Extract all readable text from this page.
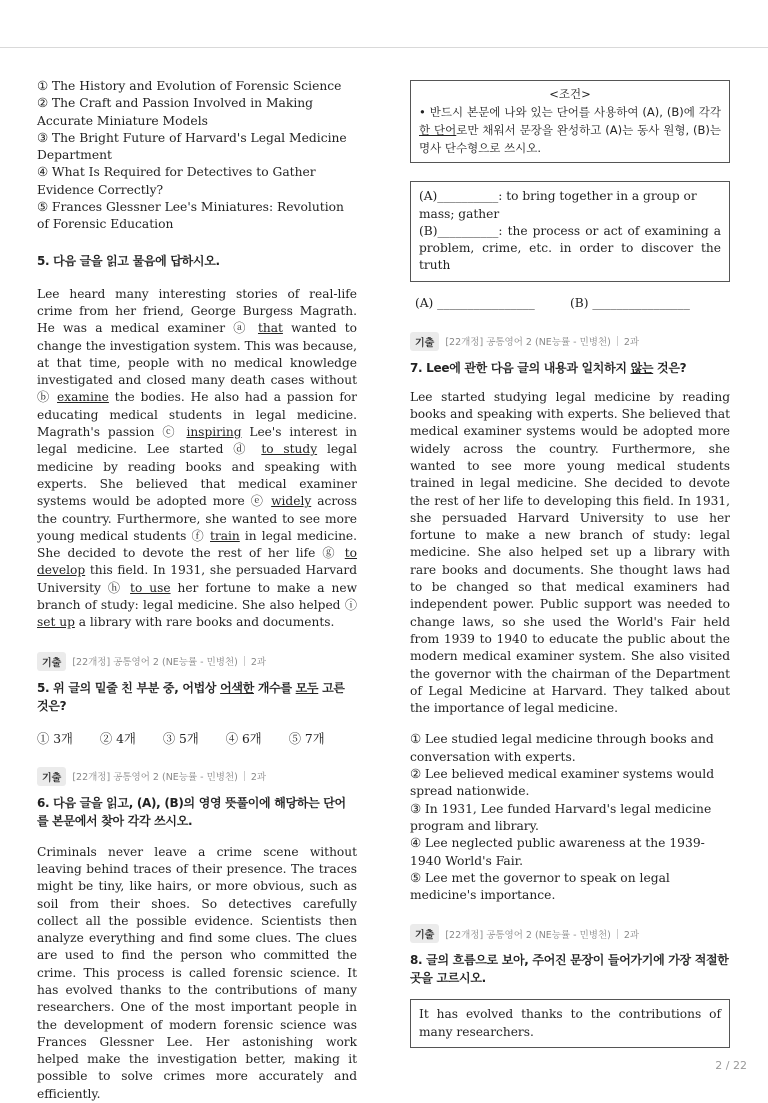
① The History and Evolution of Forensic Science
② The Craft and Passion Involved in Making Accurate Miniature Models
③ The Bright Future of Harvard's Legal Medicine Department
④ What Is Required for Detectives to Gather Evidence Correctly?
⑤ Frances Glessner Lee's Miniatures: Revolution of Forensic Education
5. 다음 글을 읽고 물음에 답하시오.
Lee heard many interesting stories of real-life crime from her friend, George Burgess Magrath. He was a medical examiner ⓐ that wanted to change the investigation system. This was because, at that time, people with no medical knowledge investigated and closed many death cases without ⓑ examine the bodies. He also had a passion for educating medical students in legal medicine. Magrath's passion ⓒ inspiring Lee's interest in legal medicine. Lee started ⓓ to study legal medicine by reading books and speaking with experts. She believed that medical examiner systems would be adopted more ⓔ widely across the country. Furthermore, she wanted to see more young medical students ⓕ train in legal medicine. She decided to devote the rest of her life ⓖ to develop this field. In 1931, she persuaded Harvard University ⓗ to use her fortune to make a new branch of study: legal medicine. She also helped ⓘ set up a library with rare books and documents.
기출	[22개정] 공통영어 2 (NE능률 - 민병천) 2과
5. 위 글의 밑줄 친 부분 중, 어법상 어색한 개수를 모두 고른 것은?
① 3개 ② 4개 ③ 5개 ④ 6개 ⑤ 7개
기출	[22개정] 공통영어 2 (NE능률 - 민병천) 2과
6. 다음 글을 읽고, (A), (B)의 영영 뜻풀이에 해당하는 단어를 본문에서 찾아 각각 쓰시오.
Criminals never leave a crime scene without leaving behind traces of their presence. The traces might be tiny, like hairs, or more obvious, such as soil from their shoes. So detectives carefully collect all the possible evidence. Scientists then analyze everything and find some clues. The clues are used to find the person who committed the crime. This process is called forensic science. It has evolved thanks to the contributions of many researchers. One of the most important people in the development of modern forensic science was Frances Glessner Lee. Her astonishing work helped make the investigation better, making it possible to solve crimes more accurately and efficiently.
<조건>
• 반드시 본문에 나와 있는 단어를 사용하여 (A), (B)에 각각 한 단어로만 채워서 문장을 완성하고 (A)는 동사 원형, (B)는 명사 단수형으로 쓰시오.
(A)__________: to bring together in a group or mass; gather
(B)__________: the process or act of examining a problem, crime, etc. in order to discover the truth
(A) ________________	(B) ________________
기출	[22개정] 공통영어 2 (NE능률 - 민병천) 2과
7. Lee에 관한 다음 글의 내용과 일치하지 않는 것은?
Lee started studying legal medicine by reading books and speaking with experts. She believed that medical examiner systems would be adopted more widely across the country. Furthermore, she wanted to see more young medical students trained in legal medicine. She decided to devote the rest of her life to developing this field. In 1931, she persuaded Harvard University to use her fortune to make a new branch of study: legal medicine. She also helped set up a library with rare books and documents. She thought laws had to be changed so that medical examiners had independent power. Public support was needed to change laws, so she used the World's Fair held from 1939 to 1940 to educate the public about the modern medical examiner system. She also visited the governor with the chairman of the Department of Legal Medicine at Harvard. They talked about the importance of legal medicine.
① Lee studied legal medicine through books and conversation with experts.
② Lee believed medical examiner systems would spread nationwide.
③ In 1931, Lee funded Harvard's legal medicine program and library.
④ Lee neglected public awareness at the 1939- 1940 World's Fair.
⑤ Lee met the governor to speak on legal medicine's importance.
기출	[22개정] 공통영어 2 (NE능률 - 민병천) 2과
8. 글의 흐름으로 보아, 주어진 문장이 들어가기에 가장 적절한 곳을 고르시오.
It has evolved thanks to the contributions of many researchers.
2 / 22
